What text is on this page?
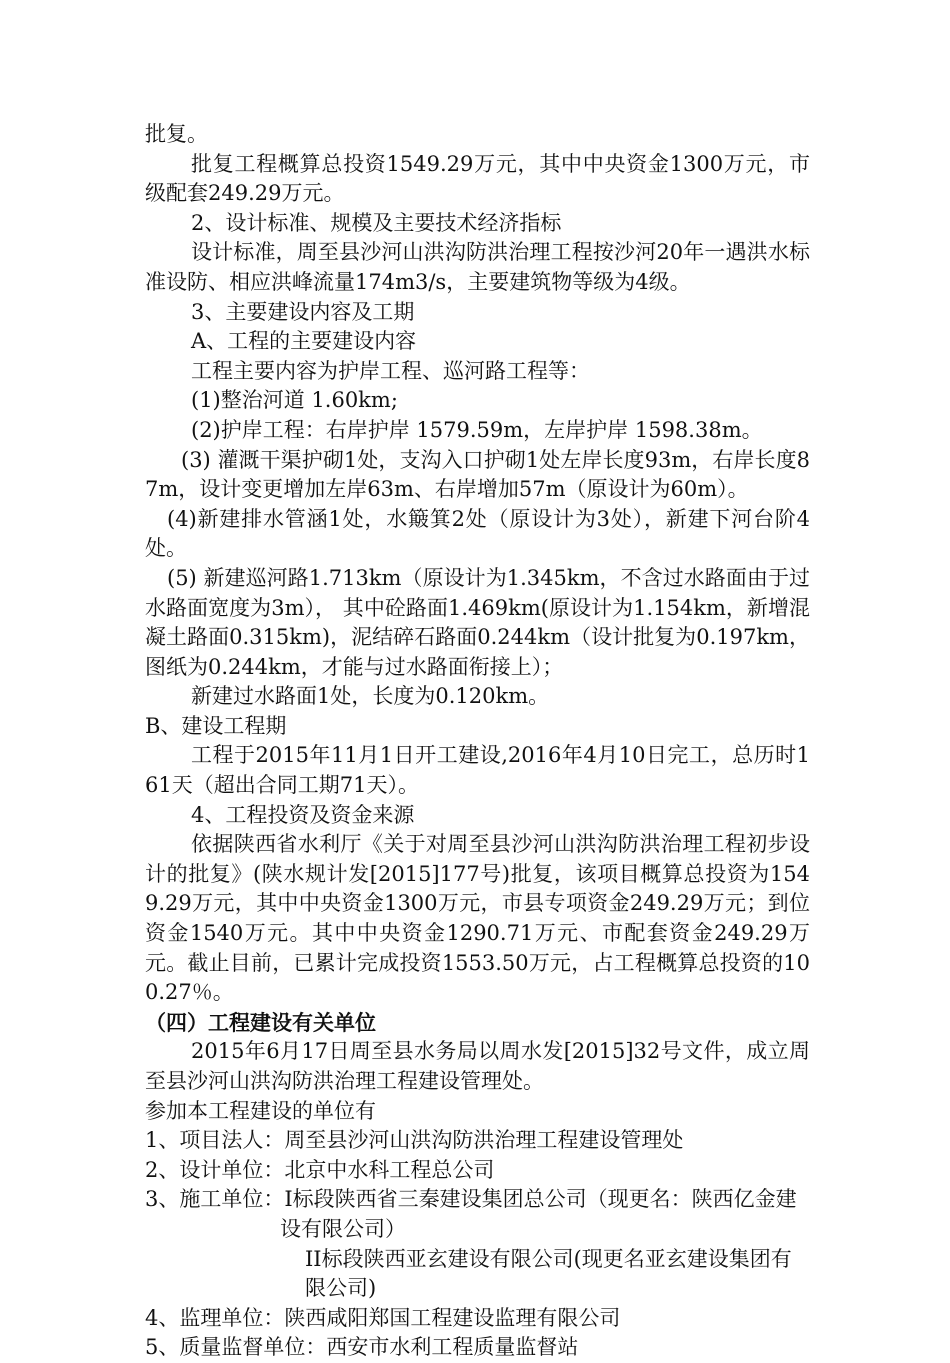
批复。

批复工程概算总投资1549.29万元，其中中央资金1300万元，市级配套249.29万元。

2、设计标准、规模及主要技术经济指标

设计标准，周至县沙河山洪沟防洪治理工程按沙河20年一遇洪水标准设防、相应洪峰流量174m3/s，主要建筑物等级为4级。

3、主要建设内容及工期

A、工程的主要建设内容

工程主要内容为护岸工程、巡河路工程等：

(1)整治河道 1.60km;

(2)护岸工程：右岸护岸 1579.59m，左岸护岸 1598.38m。

(3) 灌溉干渠护砌1处，支沟入口护砌1处左岸长度93m，右岸长度87m，设计变更增加左岸63m、右岸增加57m（原设计为60m）。

(4)新建排水管涵1处，水簸箕2处（原设计为3处），新建下河台阶4处。

(5) 新建巡河路1.713km（原设计为1.345km，不含过水路面由于过水路面宽度为3m）， 其中砼路面1.469km(原设计为1.154km，新增混凝土路面0.315km)，泥结碎石路面0.244km（设计批复为0.197km，图纸为0.244km，才能与过水路面衔接上）；

新建过水路面1处，长度为0.120km。

B、建设工程期

工程于2015年11月1日开工建设,2016年4月10日完工，总历时161天（超出合同工期71天）。

4、工程投资及资金来源

依据陕西省水利厅《关于对周至县沙河山洪沟防洪治理工程初步设计的批复》(陕水规计发[2015]177号)批复，该项目概算总投资为1549.29万元，其中中央资金1300万元，市县专项资金249.29万元；到位资金1540万元。其中中央资金1290.71万元、市配套资金249.29万元。截止目前，已累计完成投资1553.50万元，占工程概算总投资的100.27％。

（四）工程建设有关单位

2015年6月17日周至县水务局以周水发[2015]32号文件，成立周至县沙河山洪沟防洪治理工程建设管理处。

参加本工程建设的单位有

1、项目法人：周至县沙河山洪沟防洪治理工程建设管理处

2、设计单位：北京中水科工程总公司

3、施工单位：Ⅰ标段陕西省三秦建设集团总公司（现更名：陕西亿金建设有限公司）

II标段陕西亚玄建设有限公司(现更名亚玄建设集团有限公司)

4、监理单位：陕西咸阳郑国工程建设监理有限公司

5、质量监督单位：西安市水利工程质量监督站
